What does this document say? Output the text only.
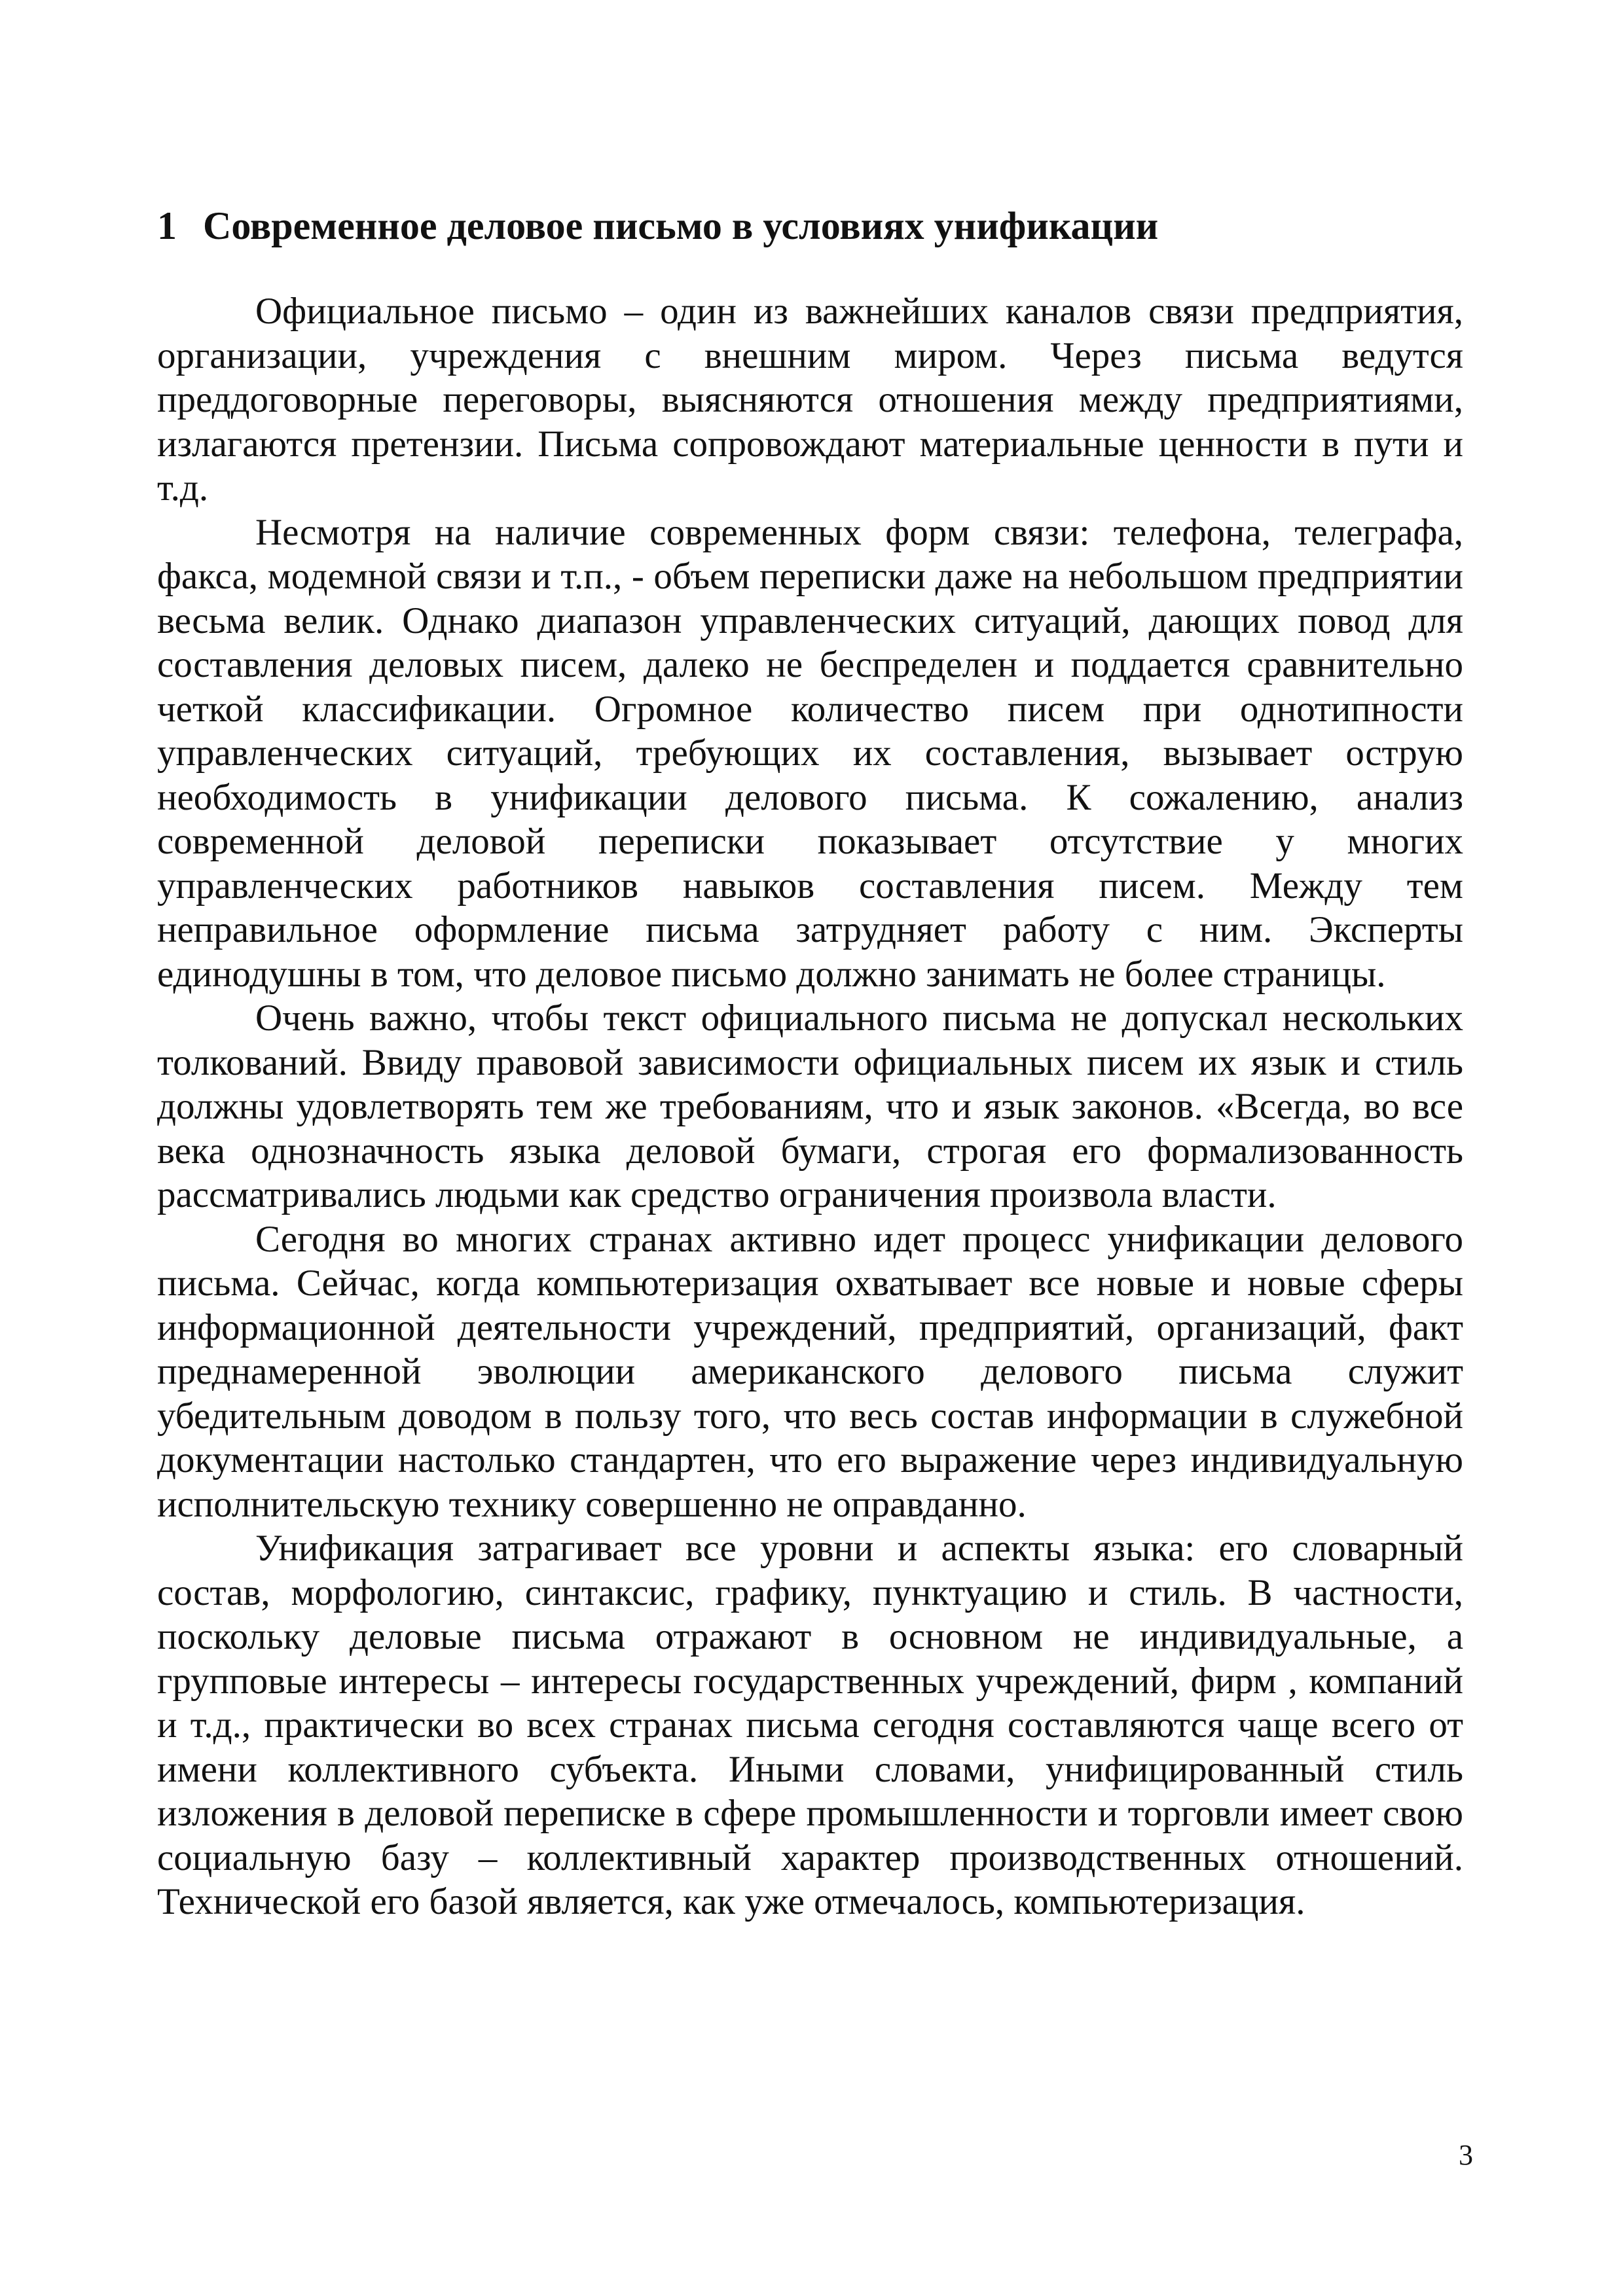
1 Современное деловое письмо в условиях унификации

Официальное письмо – один из важнейших каналов связи предприятия, организации, учреждения с внешним миром. Через письма ведутся преддоговорные переговоры, выясняются отношения между предприятиями, излагаются претензии. Письма сопровождают материальные ценности в пути и т.д.

Несмотря на наличие современных форм связи: телефона, телеграфа, факса, модемной связи и т.п., - объем переписки даже на небольшом предприятии весьма велик. Однако диапазон управленческих ситуаций, дающих повод для составления деловых писем, далеко не беспределен и поддается сравнительно четкой классификации. Огромное количество писем при однотипности управленческих ситуаций, требующих их составления, вызывает острую необходимость в унификации делового письма. К сожалению, анализ современной деловой переписки показывает отсутствие у многих управленческих работников навыков составления писем. Между тем неправильное оформление письма затрудняет работу с ним. Эксперты единодушны в том, что деловое письмо должно занимать не более страницы.

Очень важно, чтобы текст официального письма не допускал нескольких толкований. Ввиду правовой зависимости официальных писем их язык и стиль должны удовлетворять тем же требованиям, что и язык законов. «Всегда, во все века однозначность языка деловой бумаги, строгая его формализованность рассматривались людьми как средство ограничения произвола власти.

Сегодня во многих странах активно идет процесс унификации делового письма. Сейчас, когда компьютеризация охватывает все новые и новые сферы информационной деятельности учреждений, предприятий, организаций, факт преднамеренной эволюции американского делового письма служит убедительным доводом в пользу того, что весь состав информации в служебной документации настолько стандартен, что его выражение через индивидуальную исполнительскую технику совершенно не оправданно.

Унификация затрагивает все уровни и аспекты языка: его словарный состав, морфологию, синтаксис, графику, пунктуацию и стиль. В частности, поскольку деловые письма отражают в основном не индивидуальные, а групповые интересы – интересы государственных учреждений, фирм , компаний и т.д., практически во всех странах письма сегодня составляются чаще всего от имени коллективного субъекта. Иными словами, унифицированный стиль изложения в деловой переписке в сфере промышленности и торговли имеет свою социальную базу – коллективный характер производственных отношений. Технической его базой является, как уже отмечалось, компьютеризация.

3
